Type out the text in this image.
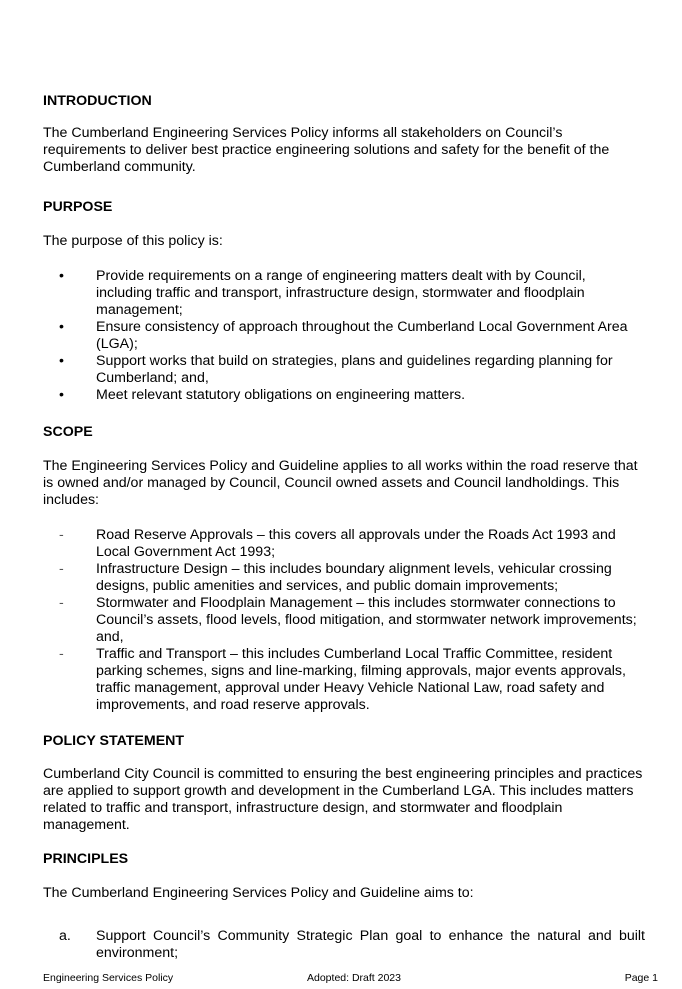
INTRODUCTION

The Cumberland Engineering Services Policy informs all stakeholders on Council’s requirements to deliver best practice engineering solutions and safety for the benefit of the Cumberland community.

PURPOSE

The purpose of this policy is:

• Provide requirements on a range of engineering matters dealt with by Council, including traffic and transport, infrastructure design, stormwater and floodplain management;
• Ensure consistency of approach throughout the Cumberland Local Government Area (LGA);
• Support works that build on strategies, plans and guidelines regarding planning for Cumberland; and,
• Meet relevant statutory obligations on engineering matters.
SCOPE

The Engineering Services Policy and Guideline applies to all works within the road reserve that is owned and/or managed by Council, Council owned assets and Council landholdings. This includes:

- Road Reserve Approvals – this covers all approvals under the Roads Act 1993 and Local Government Act 1993;
- Infrastructure Design – this includes boundary alignment levels, vehicular crossing designs, public amenities and services, and public domain improvements;
- Stormwater and Floodplain Management – this includes stormwater connections to Council’s assets, flood levels, flood mitigation, and stormwater network improvements; and,
- Traffic and Transport – this includes Cumberland Local Traffic Committee, resident parking schemes, signs and line-marking, filming approvals, major events approvals, traffic management, approval under Heavy Vehicle National Law, road safety and improvements, and road reserve approvals.
POLICY STATEMENT

Cumberland City Council is committed to ensuring the best engineering principles and practices are applied to support growth and development in the Cumberland LGA. This includes matters related to traffic and transport, infrastructure design, and stormwater and floodplain management.

PRINCIPLES

The Cumberland Engineering Services Policy and Guideline aims to:

a. Support Council’s Community Strategic Plan goal to enhance the natural and built environment;
Engineering Services Policy	Adopted: Draft 2023	Page 1
